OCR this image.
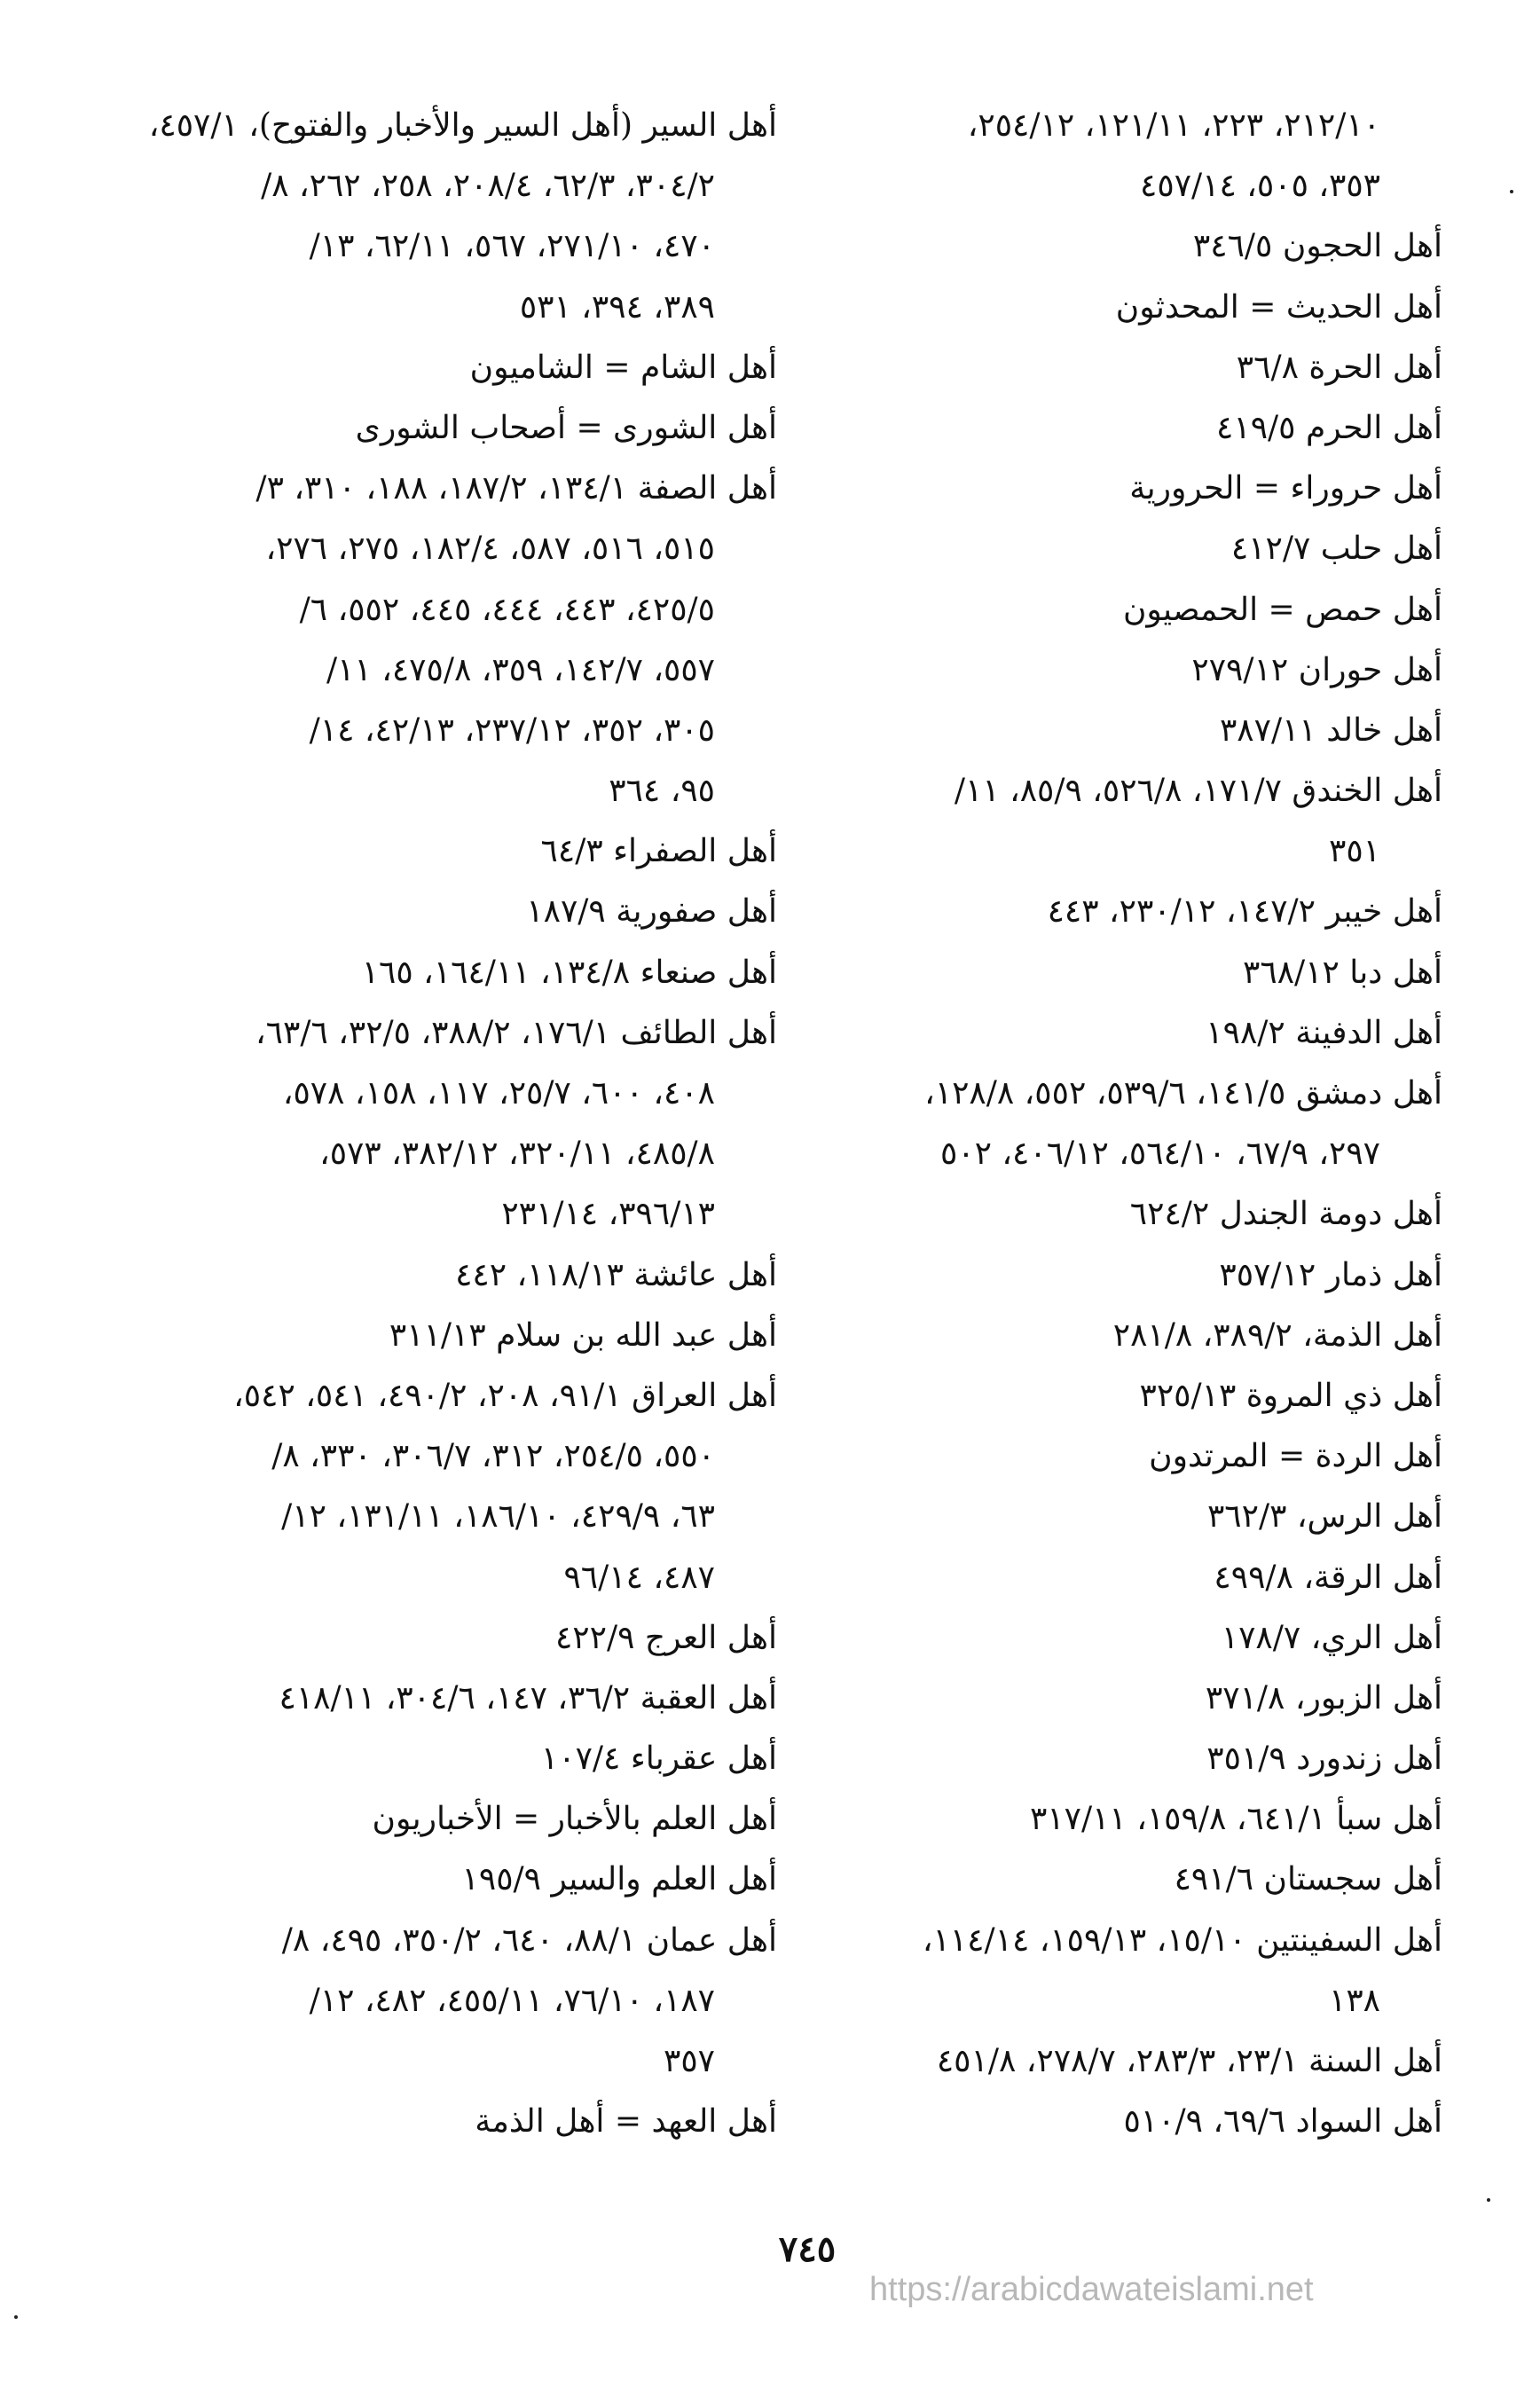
٢١٢/١٠، ٢٢٣، ١٢١/١١، ٢٥٤/١٢،
٣٥٣، ٥٠٥، ٤٥٧/١٤
أهل الحجون ٣٤٦/٥
أهل الحديث = المحدثون
أهل الحرة ٣٦/٨
أهل الحرم ٤١٩/٥
أهل حروراء = الحرورية
أهل حلب ٤١٢/٧
أهل حمص = الحمصيون
أهل حوران ٢٧٩/١٢
أهل خالد ٣٨٧/١١
أهل الخندق ١٧١/٧، ٥٢٦/٨، ٨٥/٩، ١١/
٣٥١
أهل خيبر ١٤٧/٢، ٢٣٠/١٢، ٤٤٣
أهل دبا ٣٦٨/١٢
أهل الدفينة ١٩٨/٢
أهل دمشق ١٤١/٥، ٥٣٩/٦، ٥٥٢، ١٢٨/٨،
٢٩٧، ٦٧/٩، ٥٦٤/١٠، ٤٠٦/١٢، ٥٠٢
أهل دومة الجندل ٦٢٤/٢
أهل ذمار ٣٥٧/١٢
أهل الذمة، ٣٨٩/٢، ٢٨١/٨
أهل ذي المروة ٣٢٥/١٣
أهل الردة = المرتدون
أهل الرس، ٣٦٢/٣
أهل الرقة، ٤٩٩/٨
أهل الري، ١٧٨/٧
أهل الزبور، ٣٧١/٨
أهل زندورد ٣٥١/٩
أهل سبأ ٦٤١/١، ١٥٩/٨، ٣١٧/١١
أهل سجستان ٤٩١/٦
أهل السفينتين ١٥/١٠، ١٥٩/١٣، ١١٤/١٤،
١٣٨
أهل السنة ٢٣/١، ٢٨٣/٣، ٢٧٨/٧، ٤٥١/٨
أهل السواد ٦٩/٦، ٥١٠/٩
أهل السير (أهل السير والأخبار والفتوح)، ٤٥٧/١،
٣٠٤/٢، ٦٢/٣، ٢٠٨/٤، ٢٥٨، ٢٦٢، ٨/
٤٧٠، ٢٧١/١٠، ٥٦٧، ٦٢/١١، ١٣/
٣٨٩، ٣٩٤، ٥٣١
أهل الشام = الشاميون
أهل الشورى = أصحاب الشورى
أهل الصفة ١٣٤/١، ١٨٧/٢، ١٨٨، ٣١٠، ٣/
٥١٥، ٥١٦، ٥٨٧، ١٨٢/٤، ٢٧٥، ٢٧٦،
٤٢٥/٥، ٤٤٣، ٤٤٤، ٤٤٥، ٥٥٢، ٦/
٥٥٧، ١٤٢/٧، ٣٥٩، ٤٧٥/٨، ١١/
٣٠٥، ٣٥٢، ٢٣٧/١٢، ٤٢/١٣، ١٤/
٩٥، ٣٦٤
أهل الصفراء ٦٤/٣
أهل صفورية ١٨٧/٩
أهل صنعاء ١٣٤/٨، ١٦٤/١١، ١٦٥
أهل الطائف ١٧٦/١، ٣٨٨/٢، ٣٢/٥، ٦٣/٦،
٤٠٨، ٦٠٠، ٢٥/٧، ١١٧، ١٥٨، ٥٧٨،
٤٨٥/٨، ٣٢٠/١١، ٣٨٢/١٢، ٥٧٣،
٣٩٦/١٣، ٢٣١/١٤
أهل عائشة ١١٨/١٣، ٤٤٢
أهل عبد الله بن سلام ٣١١/١٣
أهل العراق ٩١/١، ٢٠٨، ٤٩٠/٢، ٥٤١، ٥٤٢،
٥٥٠، ٢٥٤/٥، ٣١٢، ٣٠٦/٧، ٣٣٠، ٨/
٦٣، ٤٢٩/٩، ١٨٦/١٠، ١٣١/١١، ١٢/
٤٨٧، ٩٦/١٤
أهل العرج ٤٢٢/٩
أهل العقبة ٣٦/٢، ١٤٧، ٣٠٤/٦، ٤١٨/١١
أهل عقرباء ١٠٧/٤
أهل العلم بالأخبار = الأخباريون
أهل العلم والسير ١٩٥/٩
أهل عمان ٨٨/١، ٦٤٠، ٣٥٠/٢، ٤٩٥، ٨/
١٨٧، ٧٦/١٠، ٤٥٥/١١، ٤٨٢، ١٢/
٣٥٧
أهل العهد = أهل الذمة
٧٤٥
https://arabicdawateislami.net
